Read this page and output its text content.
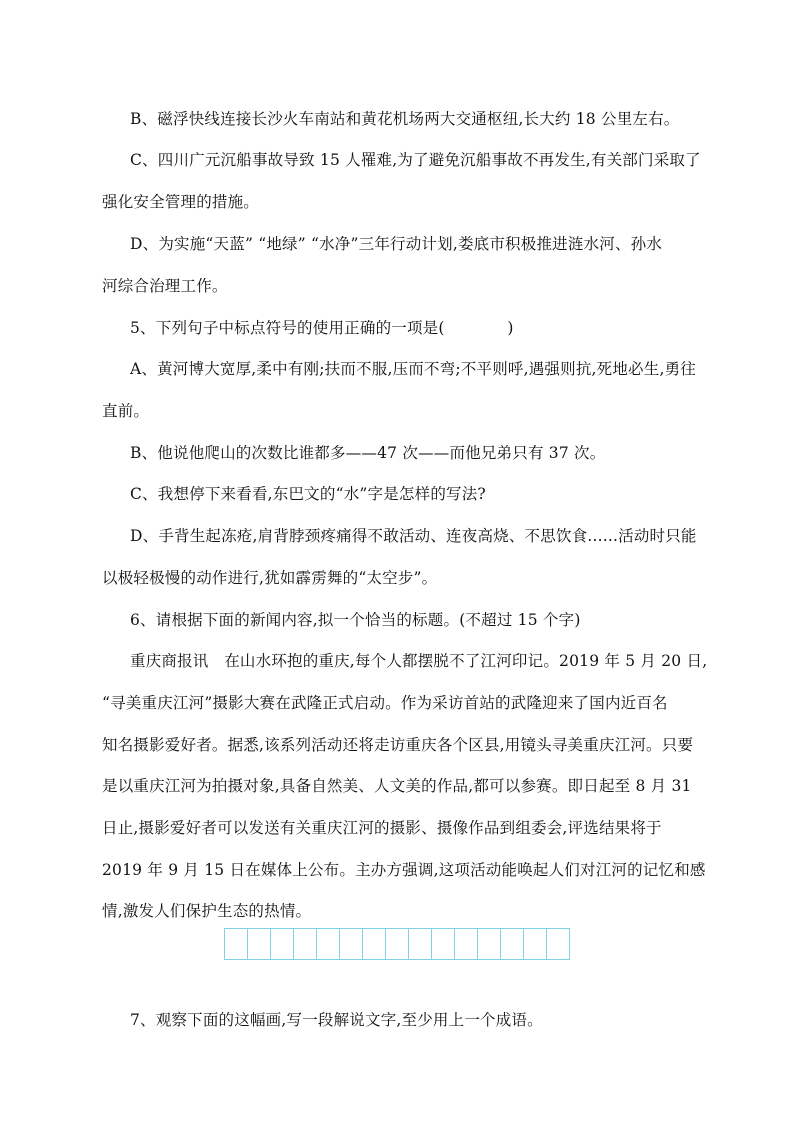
B、磁浮快线连接长沙火车南站和黄花机场两大交通枢纽,长大约 18 公里左右。
C、四川广元沉船事故导致 15 人罹难,为了避免沉船事故不再发生,有关部门采取了
强化安全管理的措施。
D、为实施“天蓝” “地绿” “水净”三年行动计划,娄底市积极推进涟水河、孙水
河综合治理工作。
5、下列句子中标点符号的使用正确的一项是(　　　　)
A、黄河博大宽厚,柔中有刚;扶而不服,压而不弯;不平则呼,遇强则抗,死地必生,勇往
直前。
B、他说他爬山的次数比谁都多——47 次——而他兄弟只有 37 次。
C、我想停下来看看,东巴文的“水”字是怎样的写法?
D、手背生起冻疮,肩背脖颈疼痛得不敢活动、连夜高烧、不思饮食......活动时只能
以极轻极慢的动作进行,犹如霹雳舞的“太空步”。
6、请根据下面的新闻内容,拟一个恰当的标题。(不超过 15 个字)
重庆商报讯　在山水环抱的重庆,每个人都摆脱不了江河印记。2019 年 5 月 20 日,
“寻美重庆江河”摄影大赛在武隆正式启动。作为采访首站的武隆迎来了国内近百名
知名摄影爱好者。据悉,该系列活动还将走访重庆各个区县,用镜头寻美重庆江河。只要
是以重庆江河为拍摄对象,具备自然美、人文美的作品,都可以参赛。即日起至 8 月 31
日止,摄影爱好者可以发送有关重庆江河的摄影、摄像作品到组委会,评选结果将于
2019 年 9 月 15 日在媒体上公布。主办方强调,这项活动能唤起人们对江河的记忆和感
情,激发人们保护生态的热情。
7、观察下面的这幅画,写一段解说文字,至少用上一个成语。
